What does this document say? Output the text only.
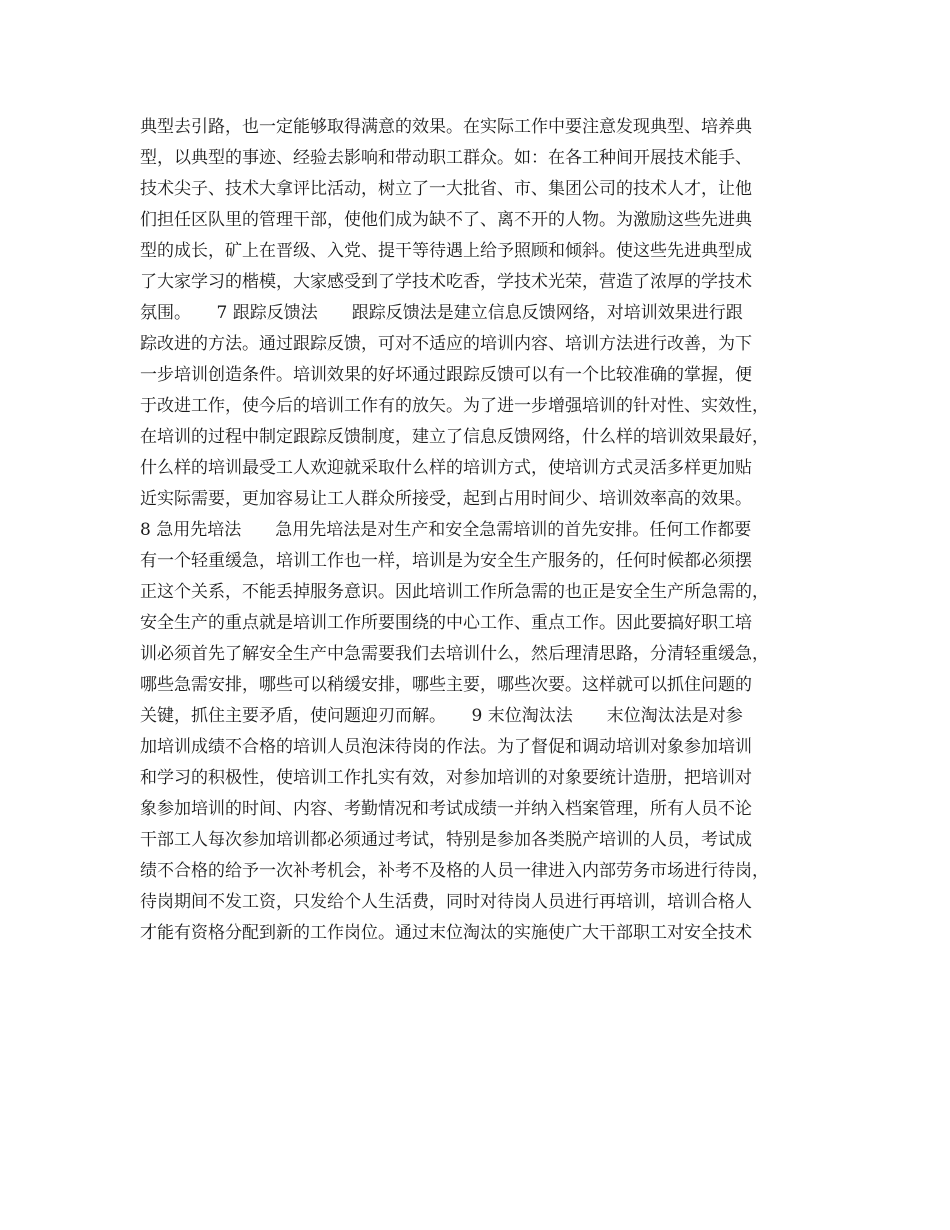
典型去引路，也一定能够取得满意的效果。在实际工作中要注意发现典型、培养典
型，以典型的事迹、经验去影响和带动职工群众。如：在各工种间开展技术能手、
技术尖子、技术大拿评比活动，树立了一大批省、市、集团公司的技术人才，让他
们担任区队里的管理干部，使他们成为缺不了、离不开的人物。为激励这些先进典
型的成长，矿上在晋级、入党、提干等待遇上给予照顾和倾斜。使这些先进典型成
了大家学习的楷模，大家感受到了学技术吃香，学技术光荣，营造了浓厚的学技术
氛围。　　7 跟踪反馈法　　跟踪反馈法是建立信息反馈网络，对培训效果进行跟
踪改进的方法。通过跟踪反馈，可对不适应的培训内容、培训方法进行改善，为下
一步培训创造条件。培训效果的好坏通过跟踪反馈可以有一个比较准确的掌握，便
于改进工作，使今后的培训工作有的放矢。为了进一步增强培训的针对性、实效性，
在培训的过程中制定跟踪反馈制度，建立了信息反馈网络，什么样的培训效果最好，
什么样的培训最受工人欢迎就采取什么样的培训方式，使培训方式灵活多样更加贴
近实际需要，更加容易让工人群众所接受，起到占用时间少、培训效率高的效果。
8 急用先培法　　急用先培法是对生产和安全急需培训的首先安排。任何工作都要
有一个轻重缓急，培训工作也一样，培训是为安全生产服务的，任何时候都必须摆
正这个关系，不能丢掉服务意识。因此培训工作所急需的也正是安全生产所急需的，
安全生产的重点就是培训工作所要围绕的中心工作、重点工作。因此要搞好职工培
训必须首先了解安全生产中急需要我们去培训什么，然后理清思路，分清轻重缓急，
哪些急需安排，哪些可以稍缓安排，哪些主要，哪些次要。这样就可以抓住问题的
关键，抓住主要矛盾，使问题迎刃而解。　　9 末位淘汰法　　末位淘汰法是对参
加培训成绩不合格的培训人员泡沫待岗的作法。为了督促和调动培训对象参加培训
和学习的积极性，使培训工作扎实有效，对参加培训的对象要统计造册，把培训对
象参加培训的时间、内容、考勤情况和考试成绩一并纳入档案管理，所有人员不论
干部工人每次参加培训都必须通过考试，特别是参加各类脱产培训的人员，考试成
绩不合格的给予一次补考机会，补考不及格的人员一律进入内部劳务市场进行待岗，
待岗期间不发工资，只发给个人生活费，同时对待岗人员进行再培训，培训合格人
才能有资格分配到新的工作岗位。通过末位淘汰的实施使广大干部职工对安全技术
